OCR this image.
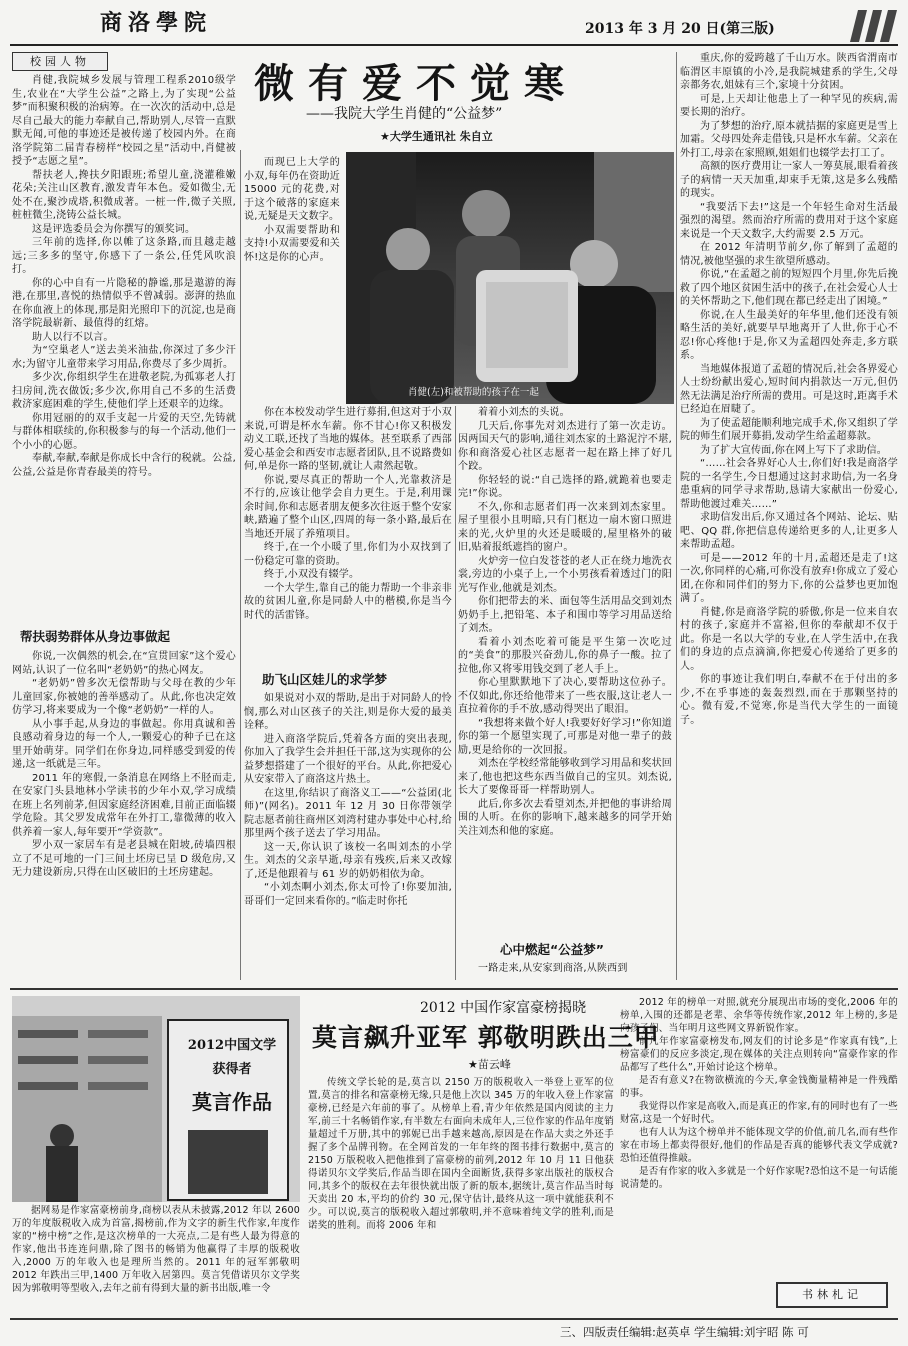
商洛學院	2013 年 3 月 20 日(第三版)
校园人物	微有爱不觉寒
——我院大学生肖健的“公益梦”
★大学生通讯社 朱自立
肖健(左)和被帮助的孩子在一起

肖健,我院城乡发展与管理工程系2010级学生,农业在“大学生公益”之路上,为了实现“公益梦”而积聚积极的治病筹。在一次次的活动中,总是尽自己最大的能力奉献自己,帮助别人,尽管一直默默无闻,可他的事迹还是被传递了校园内外。在商洛学院第二届青春榜样“校园之星”活动中,肖健被授予“志愿之星”。

帮扶老人,搀扶夕阳跟班;希望儿童,浇灌稚嫩花朵;关注山区教育,激发青年本色。爱如微尘,无处不在,聚沙成塔,积微成著。一桩一件,微子关照,桩桩微尘,浇铸公益长城。

这是评选委员会为你撰写的颁奖词。

三年前的选择,你以帷了这条路,而且越走越远;三多多的坚守,你感下了一条公,任凭风吹浪打。

你的心中自有一片隐秘的静谧,那是遨游的海港,在那里,喜悦的热情似乎不曾减弱。澎湃的热血在你血液上的体现,那是阳光照印下的沉淀,也是商洛学院最崭新、最值得的红熔。

助人以行不以言。

为“空巢老人”送去美米油盐,你深过了多少汗水;为留守儿童带来学习用品,你费尽了多少周折。

多少次,你组织学生在进敬老院,为孤寡老人打扫房间,洗衣做饭;多少次,你用自己不多的生活费救济家庭困难的学生,使他们学上还艰辛的边缘。

你用冠丽的的双手支起一片爱的天空,先铸就与群体相联续的,你积极参与的每一个活动,他们一个小小的心愿。

奉献,奉献,奉献是你成长中含行的税就。公益,公益,公益是你青春最美的符号。

帮扶弱势群体从身边事做起

你说,一次偶然的机会,在“宣贯回家”这个爱心网站,认识了一位名叫“老奶奶”的热心网友。

“老奶奶”曾多次无偿帮助与父母在教的少年儿童回家,你被她的善举感动了。从此,你也决定效仿学习,将来要成为一个像“老奶奶”一样的人。

从小事手起,从身边的事做起。你用真诚和善良感动着身边的每一个人,一颗爱心的种子已在这里开始萌芽。同学们在你身边,同样感受到爱的传递,这一纸就是三年。

2011 年的寒假,一条消息在网络上不胫而走,在安家门头县地林小学读书的少年小双,学习成绩在班上名列前茅,但因家庭经济困难,目前正面临辍学危险。其父罗发成常年在外打工,靠微薄的收入供养着一家人,每年要开“学资款”。

罗小双一家居车有是老县城在阳坡,砖墙四根立了不足可地的一门三间土坯房已呈 D 级危房,又无力建设新房,只得在山区破旧的土坯房建起。

而现已上大学的小双,每年仍在资助近 15000 元的花费,对于这个破落的家庭来说,无疑是天文数字。

小双需要帮助和支持!小双需要爱和关怀!这是你的心声。

你在本校发动学生进行募捐,但这对于小双来说,可谓是杯水车薪。你不甘心!你又积极发动义工联,还找了当地的媒体。甚至联系了西部爱心基金会和西安市志愿者团队,且不说路费如何,单是你一路的坚韧,就让人肃然起敬。

你说,要尽真正的帮助一个人,光靠救济是不行的,应该让他学会自力更生。于是,利用课余时间,你和志愿者朋友便多次往返于整个安家峡,踏遍了整个山区,四周的每一条小路,最后在当地还开展了养殖项目。

终于,在一个小暖了里,你们为小双找到了一份稳定可靠的资助。

终于,小双没有辍学。

一个大学生,靠自己的能力帮助一个非亲非故的贫困儿童,你是同龄人中的楷模,你是当今时代的活雷锋。

助飞山区娃儿的求学梦

如果说对小双的帮助,是出于对同龄人的怜悯,那么对山区孩子的关注,则是你大爱的最美诠释。

进入商洛学院后,凭着各方面的突出表现,你加入了我学生会并担任干部,这为实现你的公益梦想搭建了一个很好的平台。从此,你把爱心从安家带入了商洛这片热土。

在这里,你结识了商洛义工——“公益团(北师)”(网名)。2011 年 12 月 30 日你带领学院志愿者前往商州区刘湾村建办事处中心村,给那里两个孩子送去了学习用品。

这一天,你认识了该校一名叫刘杰的小学生。刘杰的父亲早逝,母亲有残疾,后来又改嫁了,还是他跟着与 61 岁的奶奶相依为命。

“小刘杰啊小刘杰,你太可怜了!你要加油,哥哥们一定回来看你的。”临走时你托

着着小刘杰的头说。

几天后,你事先对刘杰进行了第一次走访。因两国天气的影响,通往刘杰家的土路泥泞不堪,你和商洛爱心社区志愿者一起在路上摔了好几个跤。

你轻轻的说:“自己选择的路,就跪着也要走完!”你说。

不久,你和志愿者们再一次来到刘杰家里。屋子里很小且明暗,只有门框边一扇木窗口照进来的光,火炉里的火还是暖暖的,屋里格外的破旧,贴着报纸遮挡的窗户。

火炉旁一位白发苍苍的老人正在绕力地洗衣裳,旁边的小桌子上,一个小男孩看着透过门的阳光写作业,他就是刘杰。

你们把带去的米、面包等生活用品交到刘杰奶奶手上,把铅笔、本子和围巾等学习用品送给了刘杰。

看着小刘杰吃着可能是平生第一次吃过的“美食”的那股兴奋劲儿,你的鼻子一酸。拉了拉他,你又将零用钱交到了老人手上。

你心里默默地下了决心,要帮助这位孙子。不仅如此,你还给他带来了一些衣服,这让老人一直拉着你的手不放,感动得哭出了眼泪。

“我想将来做个好人!我要好好学习!”你知道你的第一个愿望实现了,可那是对他一辈子的鼓励,更是给你的一次回报。

刘杰在学校经常能够收到学习用品和奖状回来了,他也把这些东西当做自己的宝贝。刘杰说,长大了要像哥哥一样帮助别人。

此后,你多次去看望刘杰,并把他的事讲给周围的人听。在你的影响下,越来越多的同学开始关注刘杰和他的家庭。

心中燃起“公益梦”

一路走来,从安家到商洛,从陕西到

重庆,你的爱跨越了千山万水。陕西省渭南市临渭区丰原镇的小冷,是我院城建系的学生,父母亲都务农,姐妹有三个,家境十分贫困。

可是,上天却让他患上了一种罕见的疾病,需要长期的治疗。

为了梦想的治疗,原本就拮据的家庭更是雪上加霜。父母四处奔走借钱,只是杯水车薪。父亲在外打工,母亲在家照顾,姐姐们也辍学去打工了。

高额的医疗费用让一家人一筹莫展,眼看着孩子的病情一天天加重,却束手无策,这是多么残酷的现实。

“我要活下去!”这是一个年轻生命对生活最强烈的渴望。然而治疗所需的费用对于这个家庭来说是一个天文数字,大约需要 2.5 万元。

在 2012 年清明节前夕,你了解到了孟超的情况,被他坚强的求生欲望所感动。

你说,“在孟超之前的短短四个月里,你先后挽救了四个地区贫困生活中的孩子,在社会爱心人士的关怀帮助之下,他们现在都已经走出了困境。”

你说,在人生最美好的年华里,他们还没有领略生活的美好,就要早早地离开了人世,你于心不忍!你心疼他!于是,你又为孟超四处奔走,多方联系。

当地媒体报道了孟超的情况后,社会各界爱心人士纷纷献出爱心,短时间内捐款达一万元,但仍然无法满足治疗所需的费用。可是这时,距离手术已经迫在眉睫了。

为了使孟超能顺利地完成手术,你又组织了学院的师生们展开募捐,发动学生给孟超募款。

为了扩大宣传面,你在网上写下了求助信。

“……社会各界好心人士,你们好!我是商洛学院的一名学生,今日想通过这封求助信,为一名身患重病的同学寻求帮助,恳请大家献出一份爱心,帮助他渡过难关……”

求助信发出后,你又通过各个网站、论坛、贴吧、QQ 群,你把信息传递给更多的人,让更多人来帮助孟超。

可是——2012 年的十月,孟超还是走了!这一次,你同样的心痛,可你没有放弃!你成立了爱心团,在你和同伴们的努力下,你的公益梦也更加饱满了。

肖健,你是商洛学院的骄傲,你是一位来自农村的孩子,家庭并不富裕,但你的奉献却不仅于此。你是一名以大学的专业,在人学生活中,在我们的身边的点点滴滴,你把爱心传递给了更多的人。

你的事迹让我们明白,奉献不在于付出的多少,不在乎事迹的轰轰烈烈,而在于那颗坚持的心。微有爱,不觉寒,你是当代大学生的一面镜子。

2012中国文学
获得者
莫言作品
2012 中国作家富豪榜揭晓
莫言飙升亚军 郭敬明跌出三甲
★苗云峰

据网易是作家富豪榜前身,商榜以表从未披露,2012 年以 2600 万的年度版税收入成为首富,揭榜前,作为文字的新生代作家,年度作家的“榜中榜”之作,是这次榜单的一大亮点,二是有些人最为得意的作家,他出书连连问鼎,除了图书的畅销为他赢得了丰厚的版税收入,2000 万的年收入也是理所当然的。2011 年的冠军郭敬明 2012 年跌出三甲,1400 万年收入居第四。莫言凭借诺贝尔文学奖因为郭敬明等型收入,去年之前有得到大量的新书出版,唯一令

传统文学长轮的是,莫言以 2150 万的版税收入一举登上亚军的位置,莫言的排名和富豪榜无缘,只是他上次以 345 万的年收入登上作家富豪榜,已经是六年前的事了。从榜单上看,青少年依然是国内阅读的主力军,前三十名畅销作家,有半数左右面向未成年人,三位作家的作品年度销量超过千万册,其中的郭妮已出手越来越高,原因是在作品大卖之外还手握了多个品牌刊物。在全网首发的一年年终的图书排行数据中,莫言的 2150 万版税收入把他推到了富豪榜的前列,2012 年 10 月 11 日他获得诺贝尔文学奖后,作品当即在国内全面断货,获得多家出版社的版权合同,其多个的版权在去年很快就出版了新的版本,据统计,莫言作品当时每天卖出 20 本,平均的价约 30 元,保守估计,最终从这一项中就能获利不少。可以说,莫言的版税收入超过郭敬明,并不意味着纯文学的胜利,而是诺奖的胜利。而将 2006 年和

2012 年的榜单一对照,就充分展现出市场的变化,2006 年的榜单,入围的还都是老辈、余华等传统作家,2012 年上榜的,多是向孩子们、当年明月这些网文界新锐作家。

前几年作家富豪榜发布,网友们的讨论多是“作家真有钱”,上榜富豪们的反应多淡定,现在媒体的关注点则转向“富豪作家的作品都写了些什么”,开始讨论这个榜单。

是否有意义?在物欲横流的今天,拿金钱衡量精神是一件残酷的事。

我觉得以作家是高收入,而是真正的作家,有的同时也有了一些财富,这是一个好时代。

也有人认为这个榜单并不能体现文学的价值,前几名,而有些作家在市场上都卖得很好,他们的作品是否真的能够代表文学成就?恐怕还值得推敲。

是否有作家的收入多就是一个好作家呢?恐怕这不是一句话能说清楚的。

书林札记
三、四版责任编辑:赵英卓 学生编辑:刘宇昭 陈 可
